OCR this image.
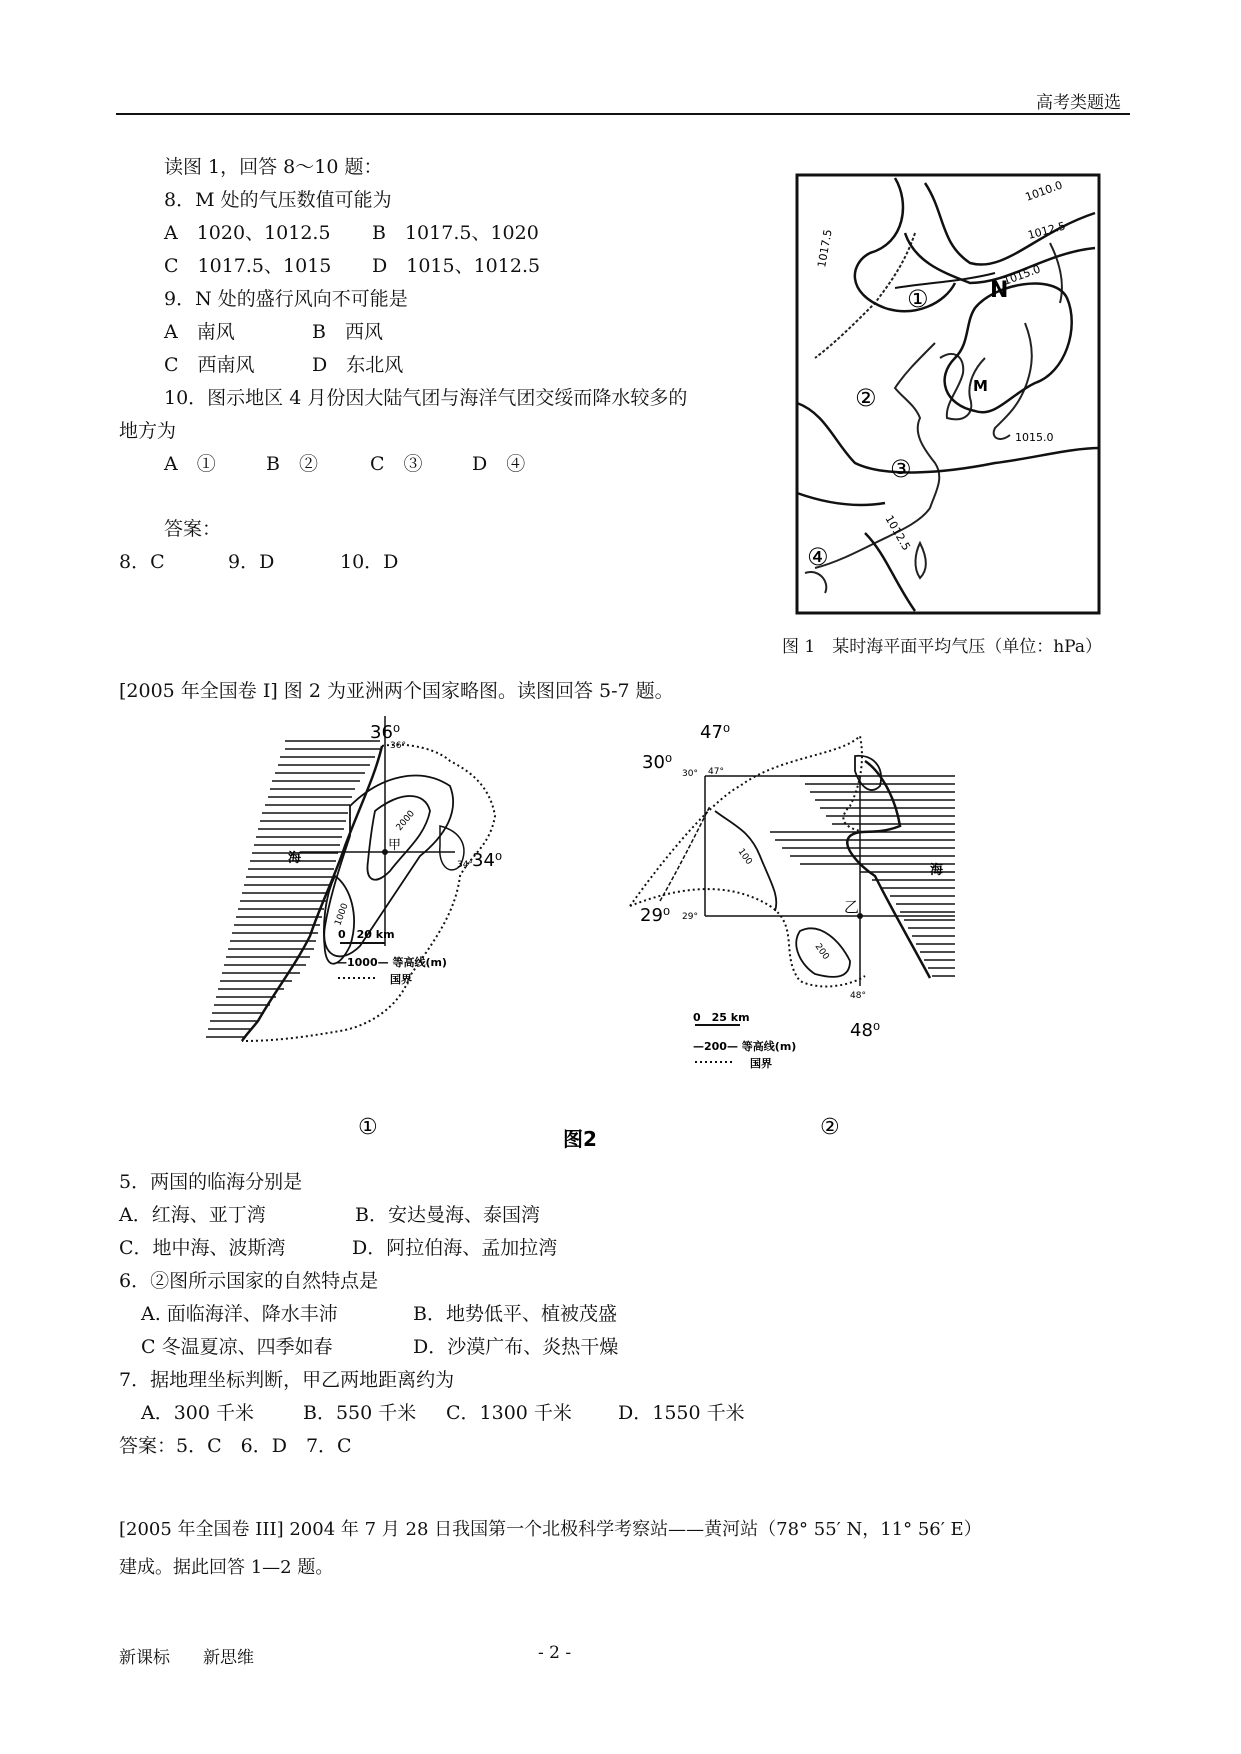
高考类题选
读图 1，回答 8～10 题：
8．M 处的气压数值可能为
A　1020、1012.5 B　1017.5、1020
C　1017.5、1015 D　1015、1012.5
9．N 处的盛行风向不可能是
A　南风	B　西风
C　西南风	D　东北风
10．图示地区 4 月份因大陆气团与海洋气团交绥而降水较多的
地方为
A　①	B　②	C　③	D　④
答案：
8．C	9．D	10．D
1010.0
1012.5
1017.5
1015.0
1015.0
1012.5
①
②
③
④
N
M
图 1　某时海平面平均气压（单位：hPa）
[2005 年全国卷 I] 图 2 为亚洲两个国家略图。读图回答 5-7 题。
36⁰
36°
34⁰
34°
海
甲
2000
1000
0　20 km
—1000— 等高线(m)
国界
①
47⁰
47°
30⁰
30°
29⁰ 29°
48⁰
48°
海
乙
100
200
0　25 km
—200— 等高线(m)
国界
②
图2
5．两国的临海分别是
A．红海、亚丁湾	B．安达曼海、泰国湾
C．地中海、波斯湾	D．阿拉伯海、孟加拉湾
6．②图所示国家的自然特点是
A. 面临海洋、降水丰沛	B．地势低平、植被茂盛
C 冬温夏凉、四季如春	D．沙漠广布、炎热干燥
7．据地理坐标判断，甲乙两地距离约为
A．300 千米	B．550 千米 C．1300 千米 D．1550 千米
答案：5．C　6．D　7．C
[2005 年全国卷 III] 2004 年 7 月 28 日我国第一个北极科学考察站——黄河站（78° 55′ N，11° 56′ E）
建成。据此回答 1—2 题。
新课标 新思维	- 2 -
